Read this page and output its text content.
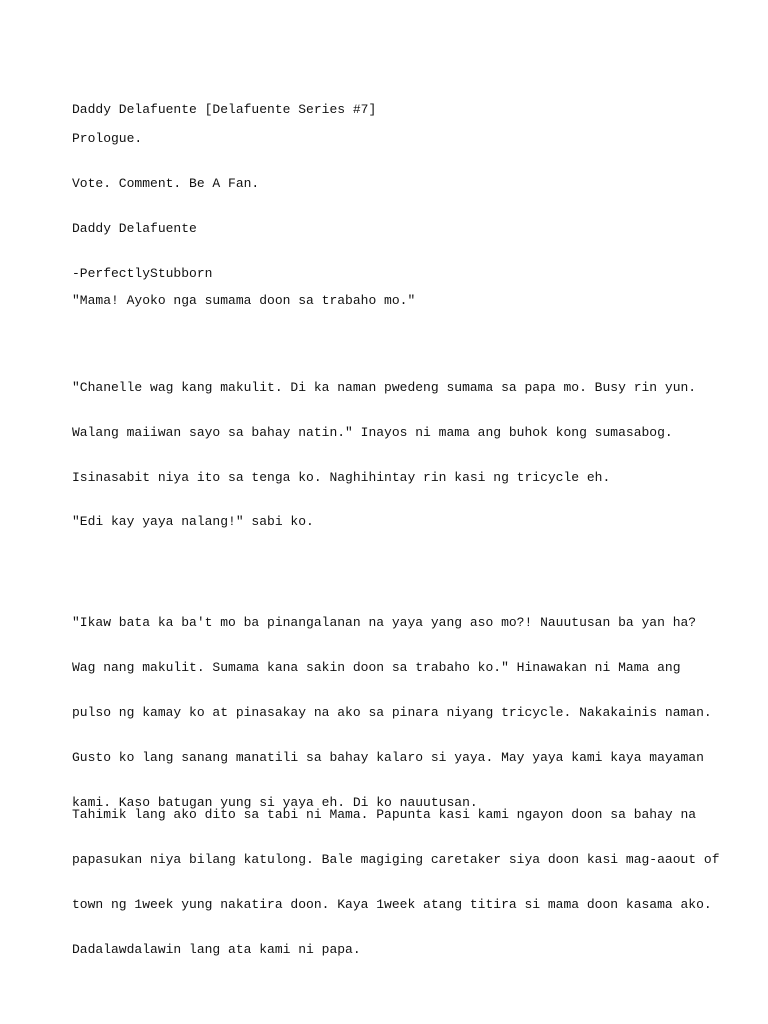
Daddy Delafuente [Delafuente Series #7]

Prologue.

Vote. Comment. Be A Fan.

Daddy Delafuente

-PerfectlyStubborn

"Mama! Ayoko nga sumama doon sa trabaho mo."

"Chanelle wag kang makulit. Di ka naman pwedeng sumama sa papa mo. Busy rin yun.

Walang maiiwan sayo sa bahay natin." Inayos ni mama ang buhok kong sumasabog.

Isinasabit niya ito sa tenga ko. Naghihintay rin kasi ng tricycle eh.

"Edi kay yaya nalang!" sabi ko.

"Ikaw bata ka ba't mo ba pinangalanan na yaya yang aso mo?! Nauutusan ba yan ha?

Wag nang makulit. Sumama kana sakin doon sa trabaho ko." Hinawakan ni Mama ang

pulso ng kamay ko at pinasakay na ako sa pinara niyang tricycle. Nakakainis naman.

Gusto ko lang sanang manatili sa bahay kalaro si yaya. May yaya kami kaya mayaman

kami. Kaso batugan yung si yaya eh. Di ko nauutusan.

Tahimik lang ako dito sa tabi ni Mama. Papunta kasi kami ngayon doon sa bahay na

papasukan niya bilang katulong. Bale magiging caretaker siya doon kasi mag-aaout of

town ng 1week yung nakatira doon. Kaya 1week atang titira si mama doon kasama ako.

Dadalawdalawin lang ata kami ni papa.
